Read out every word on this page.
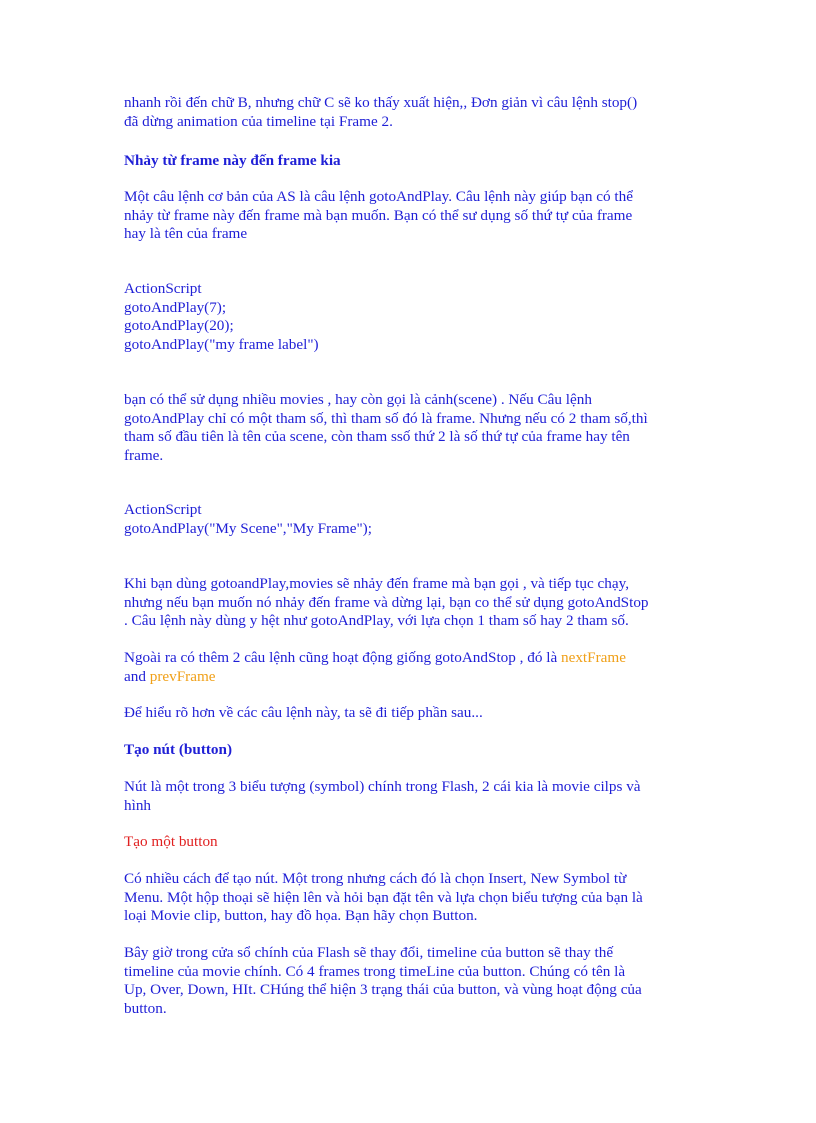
nhanh rồi đến chữ B, nhưng chữ C sẽ ko thấy xuất hiện,, Đơn giản vì câu lệnh stop()
đã dừng animation của timeline tại Frame 2.

Nhảy từ frame này đến frame kia

Một câu lệnh cơ bản của AS là câu lệnh gotoAndPlay. Câu lệnh này giúp bạn có thể
nhảy từ frame này đến frame mà bạn muốn. Bạn có thể sư dụng số thứ tự của frame
hay là tên của frame

ActionScript
gotoAndPlay(7);
gotoAndPlay(20);
gotoAndPlay("my frame label")

bạn có thể sử dụng nhiều movies , hay còn gọi là cảnh(scene) . Nếu Câu lệnh
gotoAndPlay chỉ có một tham số, thì tham số đó là frame. Nhưng nếu có 2 tham số,thì
tham số đầu tiên là tên của scene, còn tham ssố thứ 2 là số thứ tự của frame hay tên
frame.

ActionScript
gotoAndPlay("My Scene","My Frame");

Khi bạn dùng gotoandPlay,movies sẽ nhảy đến frame mà bạn gọi , và tiếp tục chạy,
nhưng nếu bạn muốn nó nhảy đến frame và dừng lại, bạn co thể sử dụng gotoAndStop
. Câu lệnh này dùng y hệt như gotoAndPlay, với lựa chọn 1 tham số hay 2 tham số.

Ngoài ra có thêm 2 câu lệnh cũng hoạt động giống gotoAndStop , đó là nextFrame
and prevFrame

Để hiểu rõ hơn về các câu lệnh này, ta sẽ đi tiếp phần sau...

Tạo nút (button)

Nút là một trong 3 biểu tượng (symbol) chính trong Flash, 2 cái kia là movie cilps và
hình

Tạo một button

Có nhiều cách để tạo nút. Một trong nhưng cách đó là chọn Insert, New Symbol từ
Menu. Một hộp thoại sẽ hiện lên và hỏi bạn đặt tên và lựa chọn biểu tượng của bạn là
loại Movie clip, button, hay đồ họa. Bạn hãy chọn Button.

Bây giờ trong cửa sổ chính của Flash sẽ thay đổi, timeline của button sẽ thay thế
timeline của movie chính. Có 4 frames trong timeLine của button. Chúng có tên là
Up, Over, Down, HIt. CHúng thể hiện 3 trạng thái của button, và vùng hoạt động của
button.
